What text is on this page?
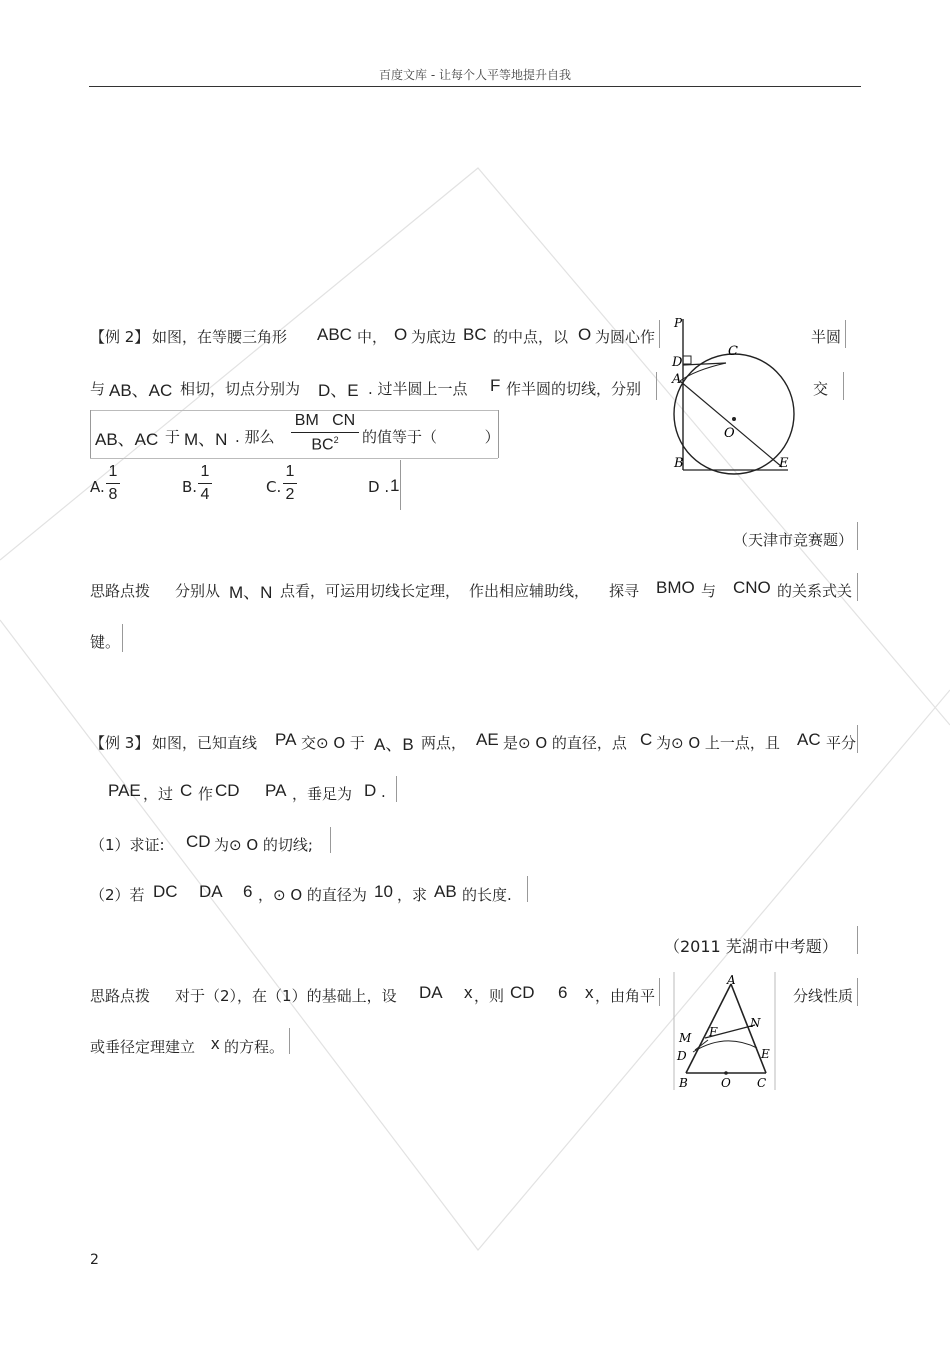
百度文库 - 让每个人平等地提升自我
【例 2】 如图，在等腰三角形 ABC 中， O 为底边 BC 的中点，以 O 为圆心作	半圆
与 AB、AC 相切，切点分别为 D、E . 过半圆上一点 F 作半圆的切线，分别	交
AB、AC 于 M、N . 那么
BM   CN
$BC^2$	的值等于（          ）
A.
1
8	B.
1
4	C.
1
2	D . 1
P
C
D
A
O
B	E
（天津市竞赛题）
思路点拨 分别从 M、N 点看，可运用切线长定理， 作出相应辅助线， 探寻 BMO 与 CNO 的关系式关
键。
【例 3】 如图，已知直线 PA 交⊙ O 于 A、B 两点， AE 是⊙ O 的直径，点 C 为⊙ O 上一点，且 AC 平分
PAE ，过 C 作 CD PA ，垂足为 D .
（1）求证: CD 为⊙ O 的切线;
（2）若 DC DA 6 ，⊙ O 的直径为 10 ，求 AB 的长度.
（2011 芜湖市中考题）
思路点拨 对于（2），在（1）的基础上，设 DA x ，则 CD 6 x ，由角平	分线性质
或垂径定理建立 x 的方程。
A
N
M F
D	E
B	O C
2
